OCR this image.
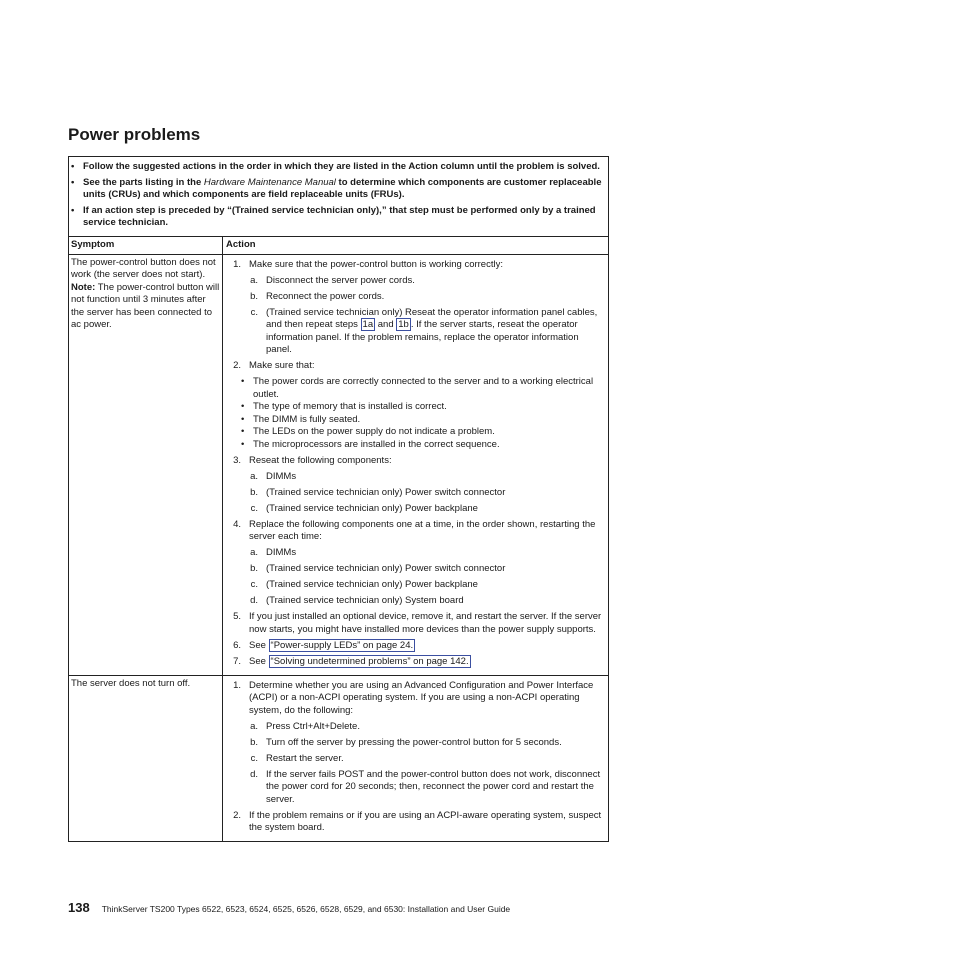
Power problems
• Follow the suggested actions in the order in which they are listed in the Action column until the problem is solved.
• See the parts listing in the Hardware Maintenance Manual to determine which components are customer replaceable units (CRUs) and which components are field replaceable units (FRUs).
• If an action step is preceded by “(Trained service technician only),” that step must be performed only by a trained service technician.
Symptom	Action
The power-control button does not work (the server does not start).
Note: The power-control button will not function until 3 minutes after the server has been connected to ac power.
1. Make sure that the power-control button is working correctly:
a. Disconnect the server power cords.
b. Reconnect the power cords.
c. (Trained service technician only) Reseat the operator information panel cables, and then repeat steps 1a and 1b . If the server starts, reseat the operator information panel. If the problem remains, replace the operator information panel.
2. Make sure that:
• The power cords are correctly connected to the server and to a working electrical outlet.
• The type of memory that is installed is correct.
• The DIMM is fully seated.
• The LEDs on the power supply do not indicate a problem.
• The microprocessors are installed in the correct sequence.
3. Reseat the following components:
a. DIMMs
b. (Trained service technician only) Power switch connector
c. (Trained service technician only) Power backplane
4. Replace the following components one at a time, in the order shown, restarting the server each time:
a. DIMMs
b. (Trained service technician only) Power switch connector
c. (Trained service technician only) Power backplane
d. (Trained service technician only) System board
5. If you just installed an optional device, remove it, and restart the server. If the server now starts, you might have installed more devices than the power supply supports.
6. See “Power-supply LEDs” on page 24.
7. See “Solving undetermined problems” on page 142.
The server does not turn off.	1. Determine whether you are using an Advanced Configuration and Power Interface (ACPI) or a non-ACPI operating system. If you are using a non-ACPI operating system, do the following:
a. Press Ctrl+Alt+Delete.
b. Turn off the server by pressing the power-control button for 5 seconds.
c. Restart the server.
d. If the server fails POST and the power-control button does not work, disconnect the power cord for 20 seconds; then, reconnect the power cord and restart the server.
2. If the problem remains or if you are using an ACPI-aware operating system, suspect the system board.
138 ThinkServer TS200 Types 6522, 6523, 6524, 6525, 6526, 6528, 6529, and 6530: Installation and User Guide
